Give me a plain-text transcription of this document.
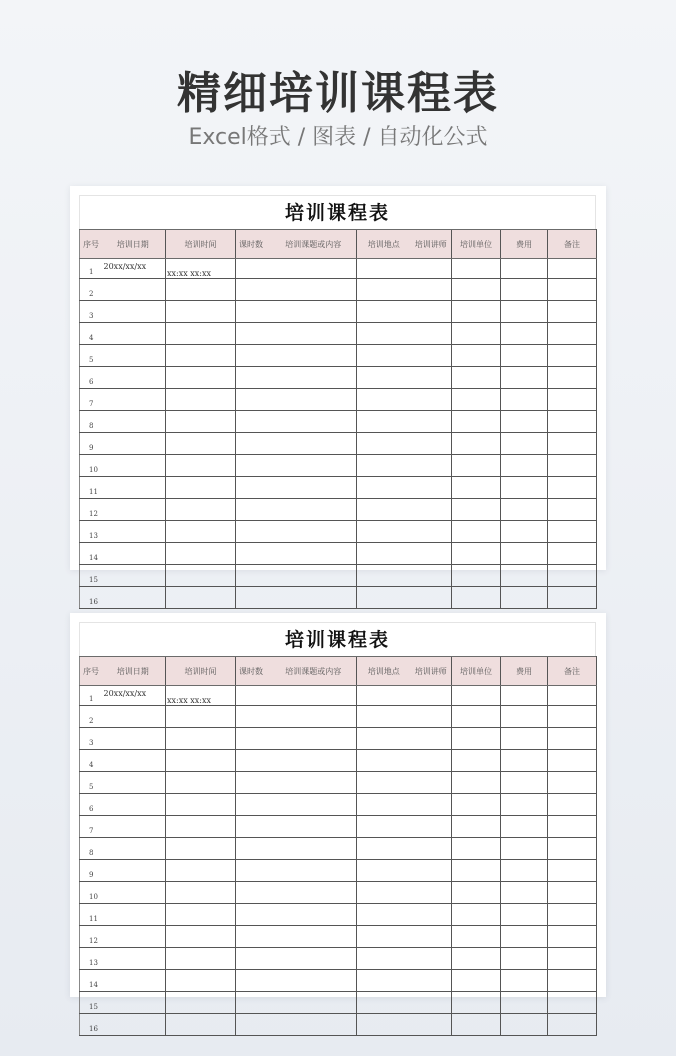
精细培训课程表
Excel格式 / 图表 / 自动化公式
培训课程表
序号	培训日期	培训时间	课时数	培训课题或内容	培训地点	培训讲师	培训单位	费用	备注
1	20xx/xx/xx	xx:xx xx:xx							
2									
3									
4									
5									
6									
7									
8									
9									
10									
11									
12									
13									
14									
15									
16									
培训课程表
序号	培训日期	培训时间	课时数	培训课题或内容	培训地点	培训讲师	培训单位	费用	备注
1	20xx/xx/xx	xx:xx xx:xx							
2									
3									
4									
5									
6									
7									
8									
9									
10									
11									
12									
13									
14									
15									
16									
